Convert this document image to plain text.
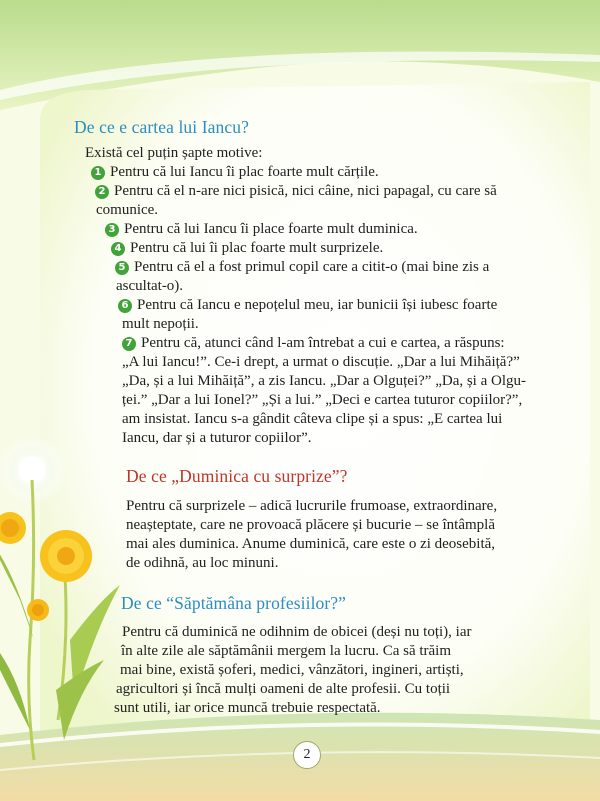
De ce e cartea lui Iancu?

Există cel puțin șapte motive:

1 Pentru că lui Iancu îi plac foarte mult cărțile.

2 Pentru că el n-are nici pisică, nici câine, nici papagal, cu care să

comunice.

3 Pentru că lui Iancu îi place foarte mult duminica.

4 Pentru că lui îi plac foarte mult surprizele.

5 Pentru că el a fost primul copil care a citit-o (mai bine zis a

ascultat-o).

6 Pentru că Iancu e nepoțelul meu, iar bunicii își iubesc foarte

mult nepoții.

7 Pentru că, atunci când l-am întrebat a cui e cartea, a răspuns:

„A lui Iancu!”. Ce-i drept, a urmat o discuție. „Dar a lui Mihăiță?”

„Da, și a lui Mihăiță”, a zis Iancu. „Dar a Olguței?” „Da, și a Olgu-

ței.” „Dar a lui Ionel?” „Și a lui.” „Deci e cartea tuturor copiilor?”,

am insistat. Iancu s-a gândit câteva clipe și a spus: „E cartea lui

Iancu, dar și a tuturor copiilor”.

De ce „Duminica cu surprize”?

Pentru că surprizele – adică lucrurile frumoase, extraordinare,

neașteptate, care ne provoacă plăcere și bucurie – se întâmplă

mai ales duminica. Anume duminică, care este o zi deosebită,

de odihnă, au loc minuni.

De ce “Săptămâna profesiilor?”

Pentru că duminică ne odihnim de obicei (deși nu toți), iar

în alte zile ale săptămânii mergem la lucru. Ca să trăim

mai bine, există șoferi, medici, vânzători, ingineri, artiști,

agricultori și încă mulți oameni de alte profesii. Cu toții

sunt utili, iar orice muncă trebuie respectată.

2
